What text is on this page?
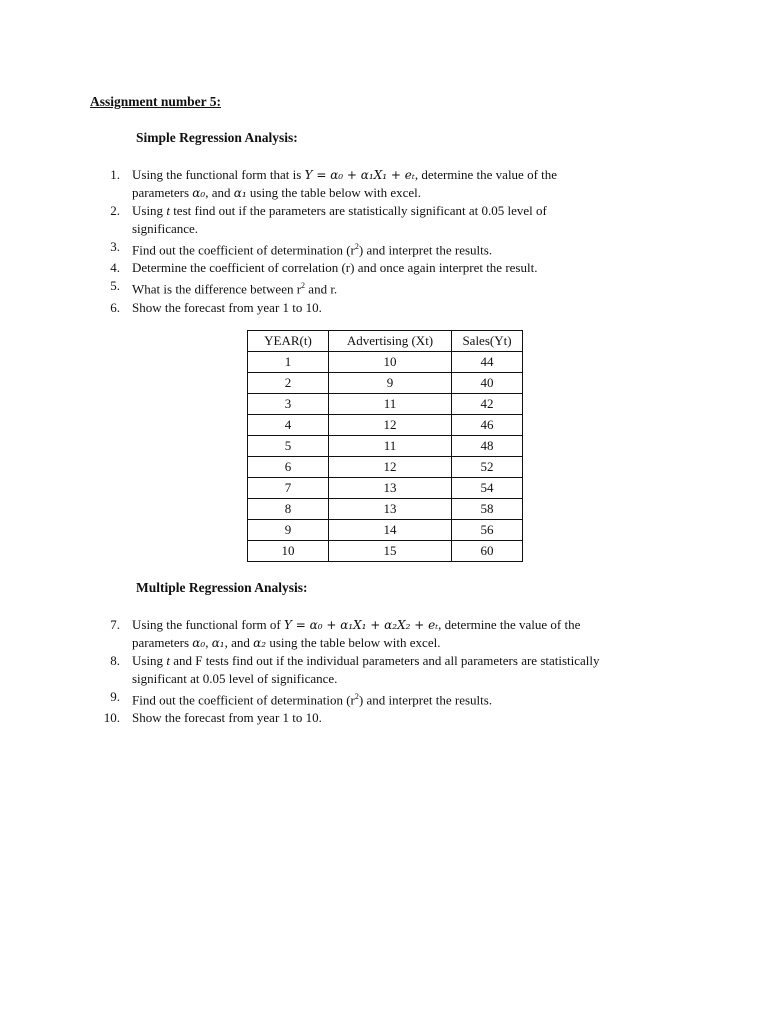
Assignment number 5:
Simple Regression Analysis:
1. Using the functional form that is Y = α₀ + α₁X₁ + eₜ, determine the value of the
parameters α₀, and α₁ using the table below with excel.
2. Using t test find out if the parameters are statistically significant at 0.05 level of
significance.
3. Find out the coefficient of determination $(r^2)$ and interpret the results.
4. Determine the coefficient of correlation (r) and once again interpret the result.
5. What is the difference between $r^2$ and r.
6. Show the forecast from year 1 to 10.
YEAR(t)	Advertising (Xt)	Sales(Yt)
1	10	44
2	9	40
3	11	42
4	12	46
5	11	48
6	12	52
7	13	54
8	13	58
9	14	56
10	15	60
Multiple Regression Analysis:
7. Using the functional form of Y = α₀ + α₁X₁ + α₂X₂ + eₜ, determine the value of the
parameters α₀, α₁, and α₂ using the table below with excel.
8. Using t and F tests find out if the individual parameters and all parameters are statistically
significant at 0.05 level of significance.
9. Find out the coefficient of determination $(r^2)$ and interpret the results.
10. Show the forecast from year 1 to 10.
